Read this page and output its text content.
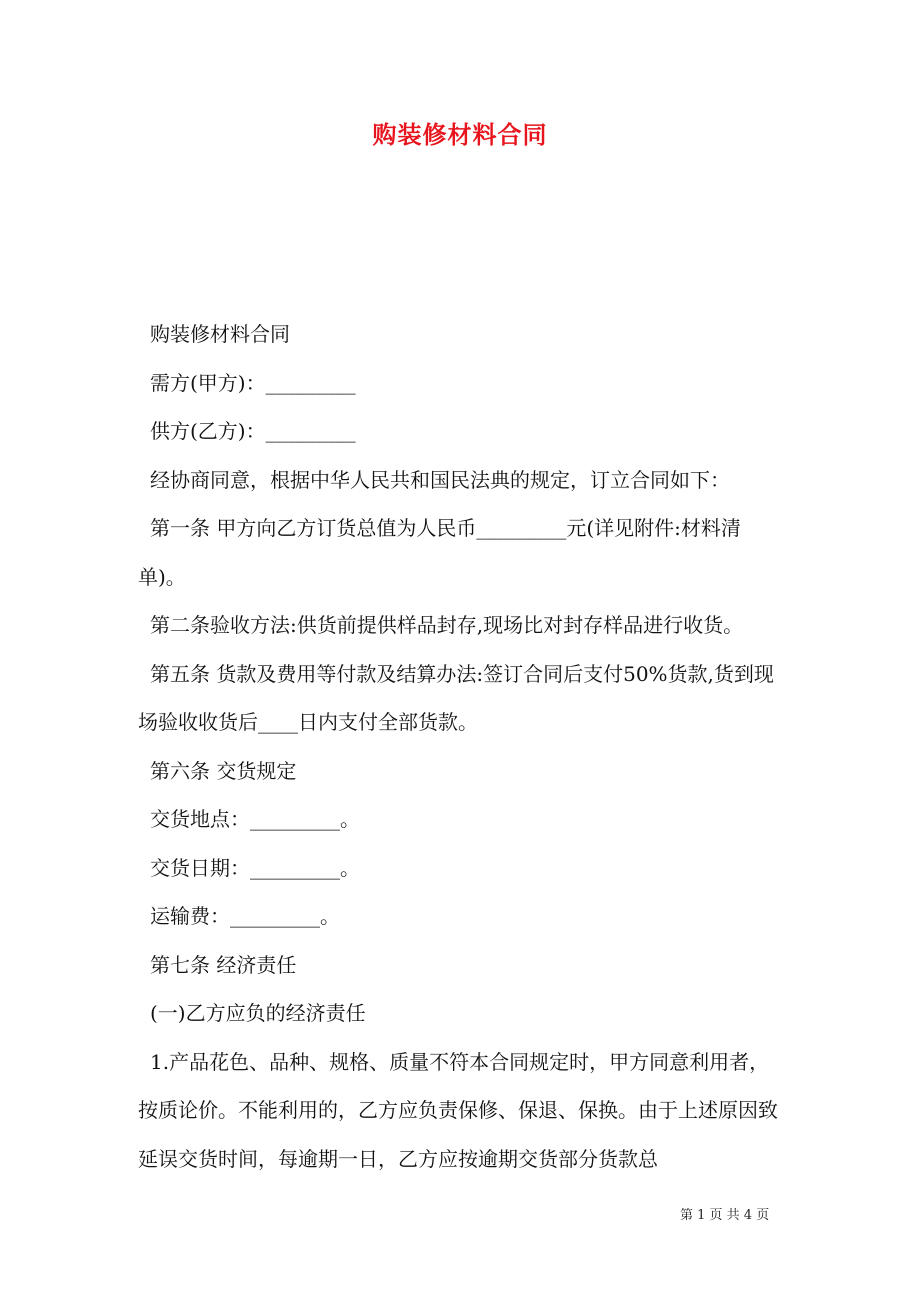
购装修材料合同

购装修材料合同

需方(甲方)：_________

供方(乙方)：_________

经协商同意，根据中华人民共和国民法典的规定，订立合同如下：

第一条 甲方向乙方订货总值为人民币_________元(详见附件:材料清单)。

第二条验收方法:供货前提供样品封存,现场比对封存样品进行收货。

第五条 货款及费用等付款及结算办法:签订合同后支付50%货款,货到现场验收收货后____日内支付全部货款。

第六条 交货规定

交货地点：_________。

交货日期：_________。

运输费：_________。

第七条 经济责任

(一)乙方应负的经济责任

1.产品花色、品种、规格、质量不符本合同规定时，甲方同意利用者，按质论价。不能利用的，乙方应负责保修、保退、保换。由于上述原因致延误交货时间，每逾期一日，乙方应按逾期交货部分货款总

第 1 页 共 4 页
